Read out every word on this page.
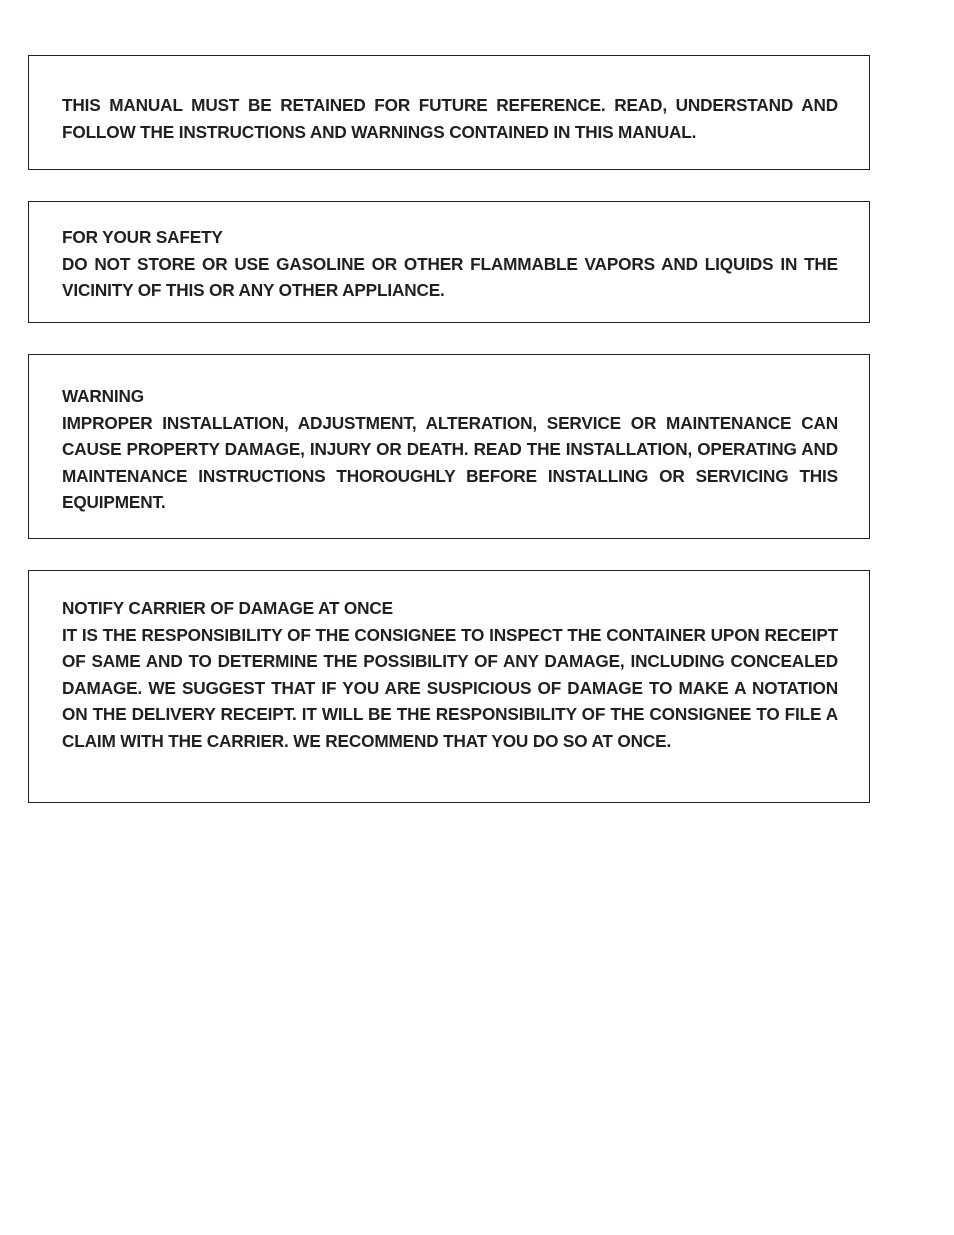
THIS MANUAL MUST BE RETAINED FOR FUTURE REFERENCE. READ, UNDERSTAND AND FOLLOW THE INSTRUCTIONS AND WARNINGS CONTAINED IN THIS MANUAL.

FOR YOUR SAFETY

DO NOT STORE OR USE GASOLINE OR OTHER FLAMMABLE VAPORS AND LIQUIDS IN THE VICINITY OF THIS OR ANY OTHER APPLIANCE.

WARNING

IMPROPER INSTALLATION, ADJUSTMENT, ALTERATION, SERVICE OR MAINTENANCE CAN CAUSE PROPERTY DAMAGE, INJURY OR DEATH. READ THE INSTALLATION, OPERATING AND MAINTENANCE INSTRUCTIONS THOROUGHLY BEFORE INSTALLING OR SERVICING THIS EQUIPMENT.

NOTIFY CARRIER OF DAMAGE AT ONCE

IT IS THE RESPONSIBILITY OF THE CONSIGNEE TO INSPECT THE CONTAINER UPON RECEIPT OF SAME AND TO DETERMINE THE POSSIBILITY OF ANY DAMAGE, INCLUDING CONCEALED DAMAGE. WE SUGGEST THAT IF YOU ARE SUSPICIOUS OF DAMAGE TO MAKE A NOTATION ON THE DELIVERY RECEIPT. IT WILL BE THE RESPONSIBILITY OF THE CONSIGNEE TO FILE A CLAIM WITH THE CARRIER. WE RECOMMEND THAT YOU DO SO AT ONCE.
